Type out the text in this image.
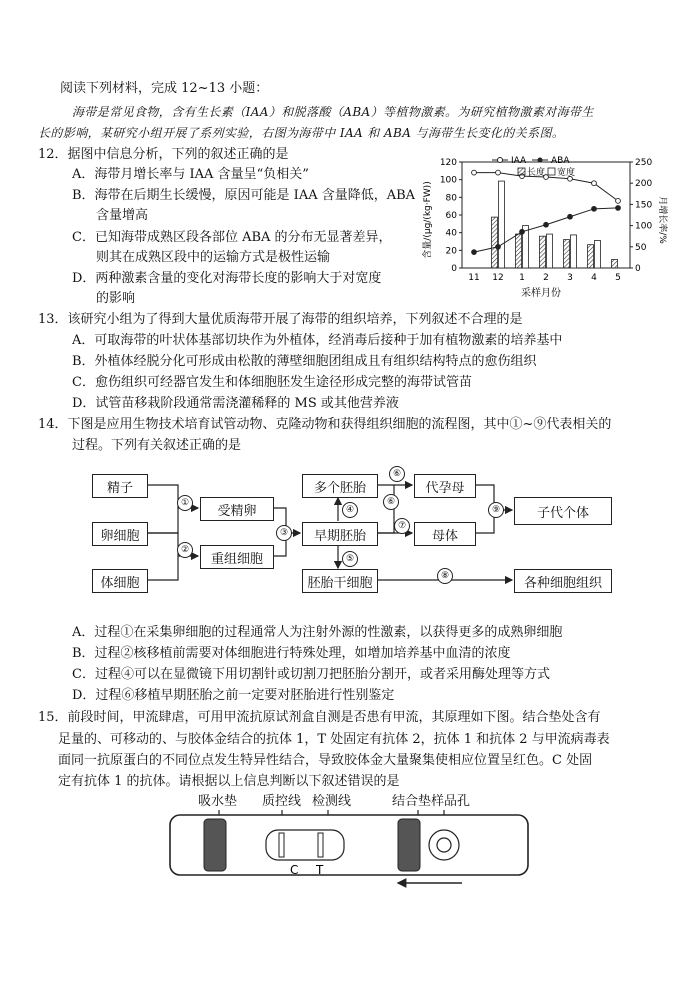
阅读下列材料，完成 12~13 小题：
海带是常见食物，含有生长素（IAA）和脱落酸（ABA）等植物激素。为研究植物激素对海带生
长的影响，某研究小组开展了系列实验，右图为海带中 IAA 和 ABA 与海带生长变化的关系图。
12．据图中信息分析，下列的叙述正确的是
A．海带月增长率与 IAA 含量呈“负相关”
B．海带在后期生长缓慢，原因可能是 IAA 含量降低，ABA
含量增高
C．已知海带成熟区段各部位 ABA 的分布无显著差异，
则其在成熟区段中的运输方式是极性运输
D．两种激素含量的变化对海带长度的影响大于对宽度
的影响
含量/(μg/(kg·FW))	月增长率/%
采样月份
0
20
40
60
80
100
120
0
50
100
150
200
250
11 12 1 2 3 4 5
IAA	ABA
长度 宽度
13．该研究小组为了得到大量优质海带开展了海带的组织培养，下列叙述不合理的是
A．可取海带的叶状体基部切块作为外植体，经消毒后接种于加有植物激素的培养基中
B．外植体经脱分化可形成由松散的薄壁细胞团组成且有组织结构特点的愈伤组织
C．愈伤组织可经器官发生和体细胞胚发生途径形成完整的海带试管苗
D．试管苗移栽阶段通常需浇灌稀释的 MS 或其他营养液
14．下图是应用生物技术培育试管动物、克隆动物和获得组织细胞的流程图，其中①~⑨代表相关的
过程。下列有关叙述正确的是
精子
卵细胞
体细胞
受精卵
重组细胞
多个胚胎
早期胚胎
胚胎干细胞
代孕母
母体
子代个体
各种细胞组织
①
②
③
④
⑤
⑥
⑥
⑦
⑧
⑨
A．过程①在采集卵细胞的过程通常人为注射外源的性激素，以获得更多的成熟卵细胞
B．过程②核移植前需要对体细胞进行特殊处理，如增加培养基中血清的浓度
C．过程④可以在显微镜下用切割针或切割刀把胚胎分割开，或者采用酶处理等方式
D．过程⑥移植早期胚胎之前一定要对胚胎进行性别鉴定
15．前段时间，甲流肆虐，可用甲流抗原试剂盒自测是否患有甲流，其原理如下图。结合垫处含有
足量的、可移动的、与胶体金结合的抗体 1，T 处固定有抗体 2，抗体 1 和抗体 2 与甲流病毒表
面同一抗原蛋白的不同位点发生特异性结合，导致胶体金大量聚集使相应位置呈红色。C 处固
定有抗体 1 的抗体。请根据以上信息判断以下叙述错误的是
吸水垫 质控线 检测线	结合垫样品孔
C T
